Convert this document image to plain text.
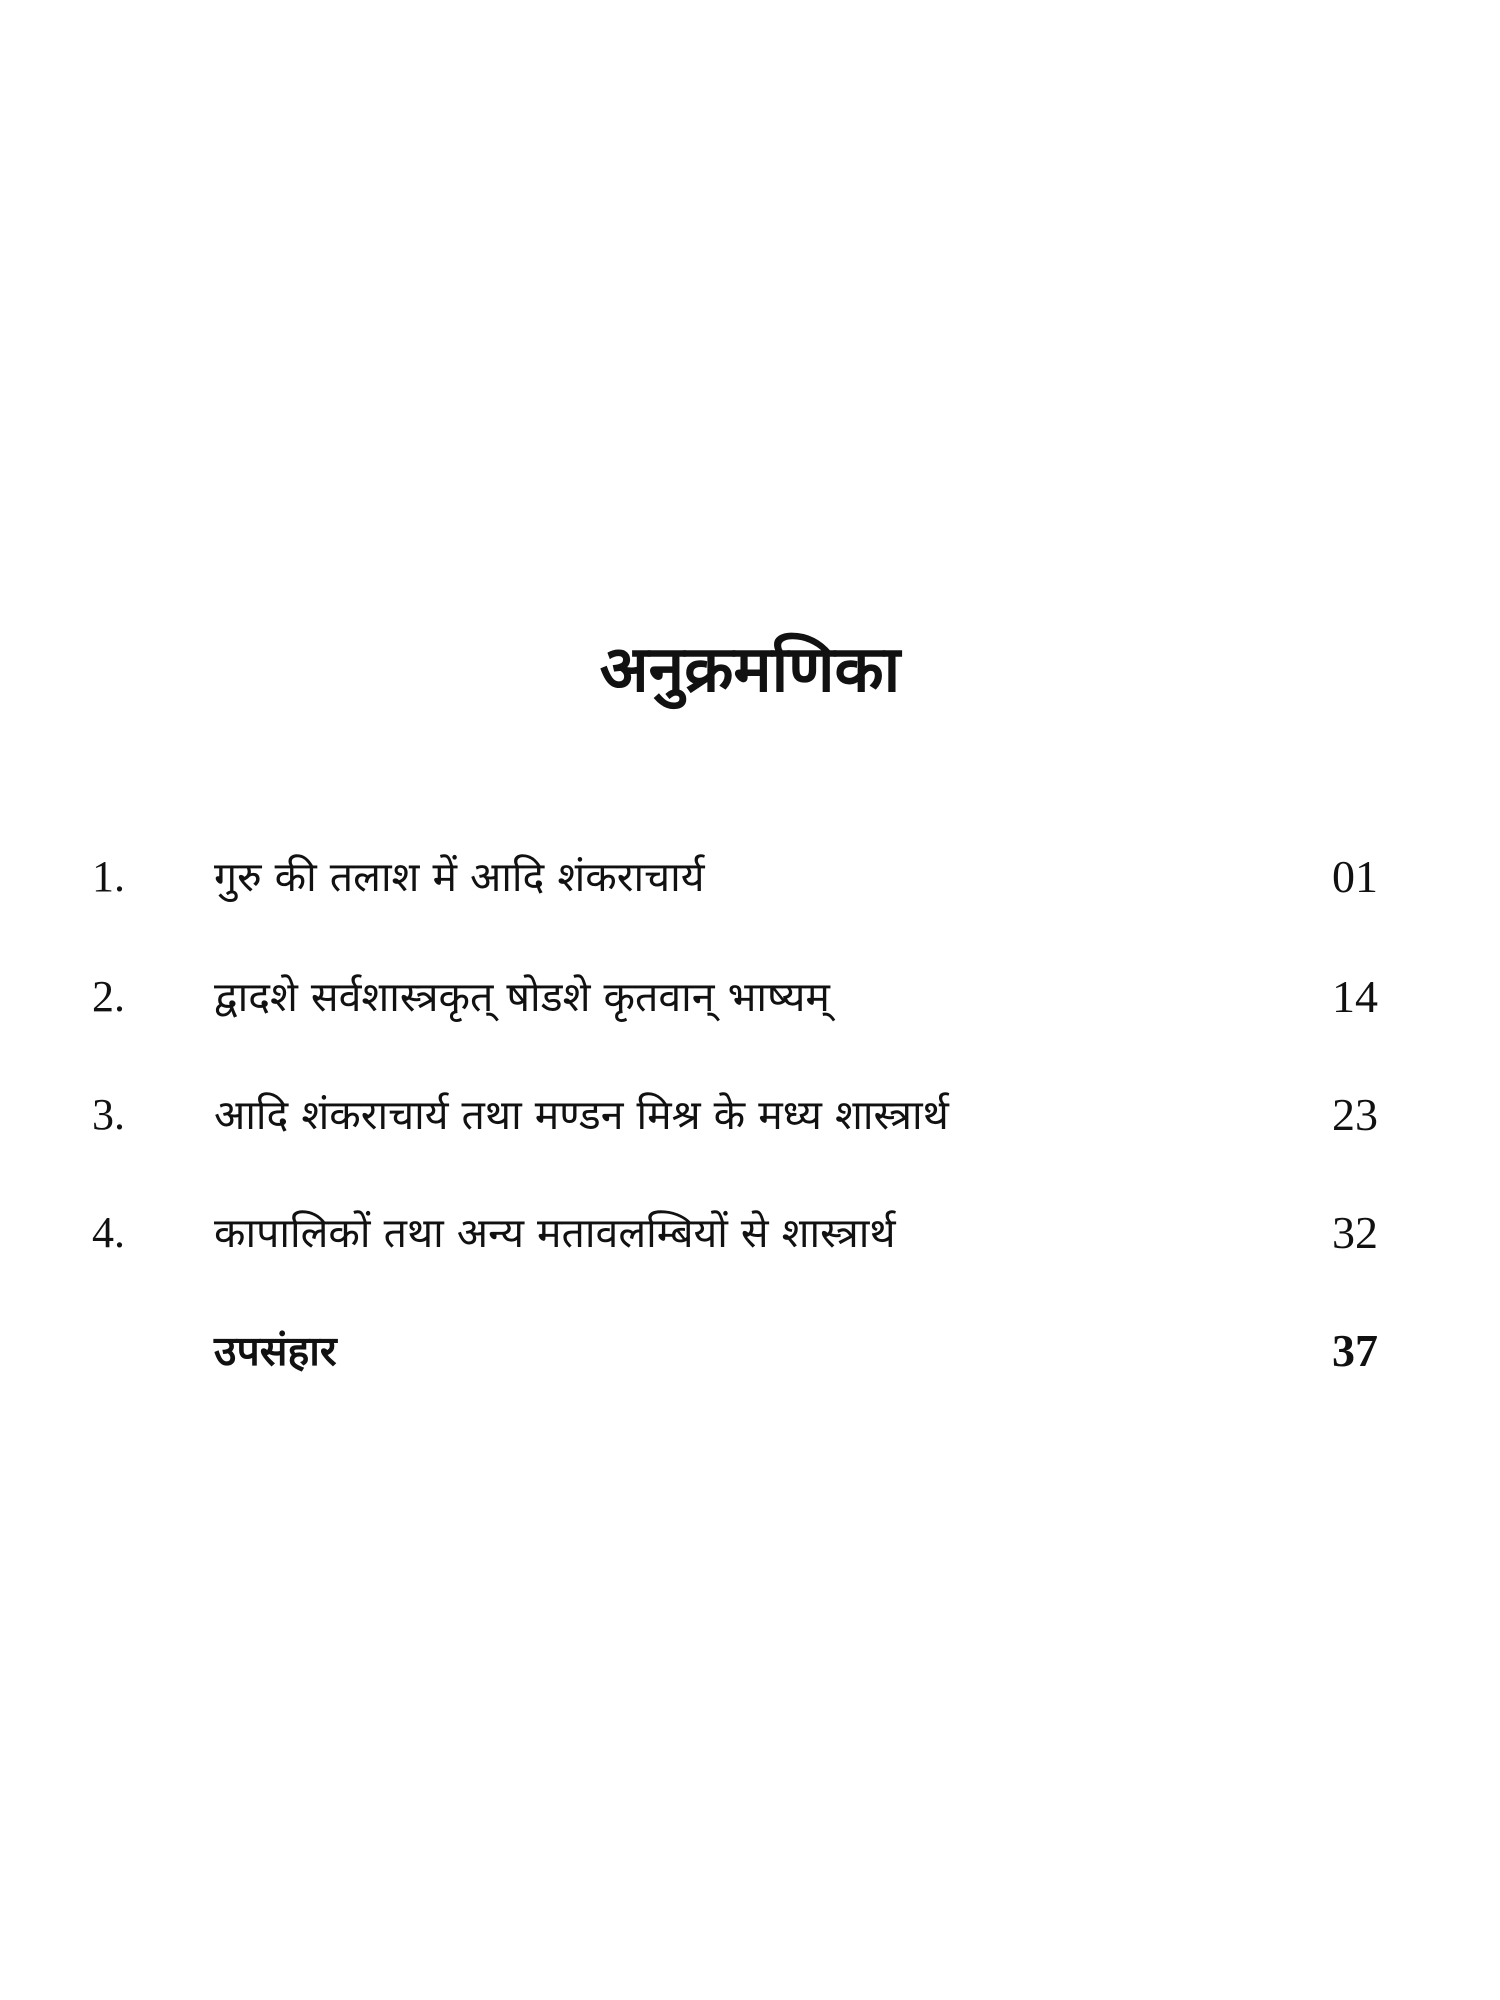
अनुक्रमणिका
1. गुरु की तलाश में आदि शंकराचार्य	01
2. द्वादशे सर्वशास्त्रकृत् षोडशे कृतवान् भाष्यम्	14
3. आदि शंकराचार्य तथा मण्डन मिश्र के मध्य शास्त्रार्थ	23
4. कापालिकों तथा अन्य मतावलम्बियों से शास्त्रार्थ	32
उपसंहार	37
